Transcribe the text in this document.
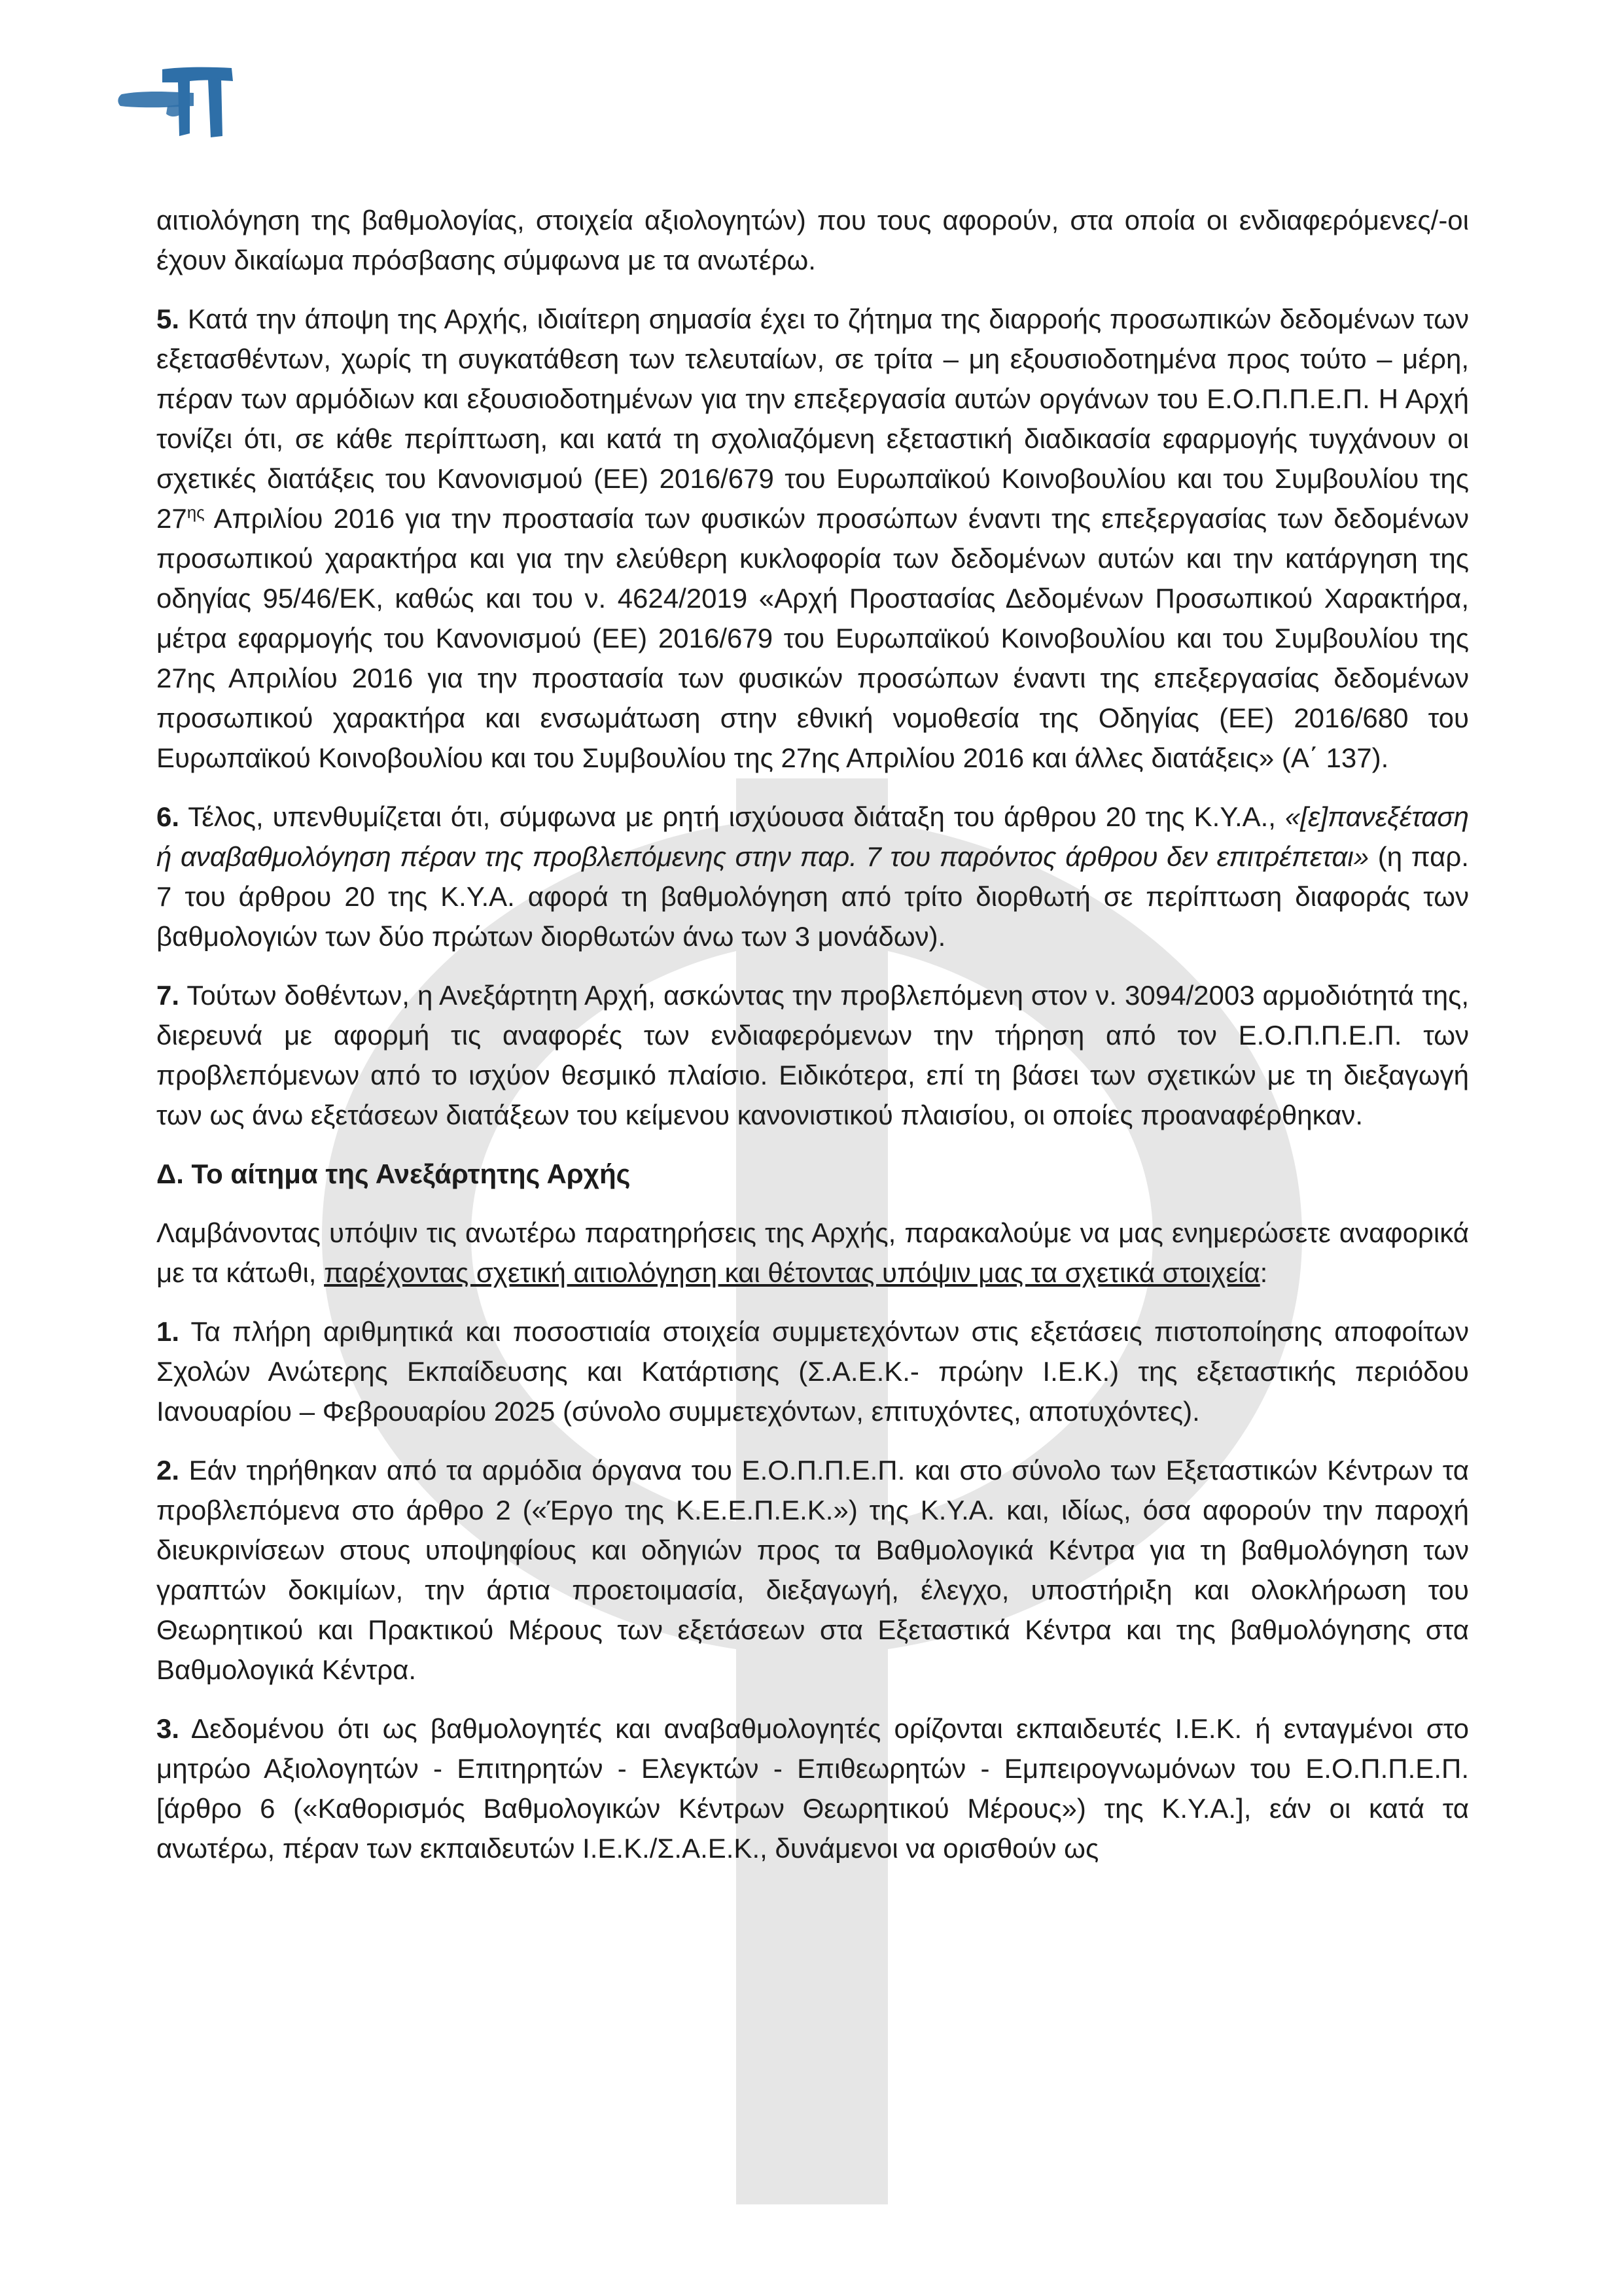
αιτιολόγηση της βαθμολογίας, στοιχεία αξιολογητών) που τους αφορούν, στα οποία οι ενδιαφερόμενες/-οι έχουν δικαίωμα πρόσβασης σύμφωνα με τα ανωτέρω.

5. Κατά την άποψη της Αρχής, ιδιαίτερη σημασία έχει το ζήτημα της διαρροής προσωπικών δεδομένων των εξετασθέντων, χωρίς τη συγκατάθεση των τελευταίων, σε τρίτα – μη εξουσιοδοτημένα προς τούτο – μέρη, πέραν των αρμόδιων και εξουσιοδοτημένων για την επεξεργασία αυτών οργάνων του Ε.Ο.Π.Π.Ε.Π. Η Αρχή τονίζει ότι, σε κάθε περίπτωση, και κατά τη σχολιαζόμενη εξεταστική διαδικασία εφαρμογής τυγχάνουν οι σχετικές διατάξεις του Κανονισμού (ΕΕ) 2016/679 του Ευρωπαϊκού Κοινοβουλίου και του Συμβουλίου της $27^{\eta\varsigma}$ Απριλίου 2016 για την προστασία των φυσικών προσώπων έναντι της επεξεργασίας των δεδομένων προσωπικού χαρακτήρα και για την ελεύθερη κυκλοφορία των δεδομένων αυτών και την κατάργηση της οδηγίας 95/46/ΕΚ, καθώς και του ν. 4624/2019 «Αρχή Προστασίας Δεδομένων Προσωπικού Χαρακτήρα, μέτρα εφαρμογής του Κανονισμού (ΕΕ) 2016/679 του Ευρωπαϊκού Κοινοβουλίου και του Συμβουλίου της 27ης Απριλίου 2016 για την προστασία των φυσικών προσώπων έναντι της επεξεργασίας δεδομένων προσωπικού χαρακτήρα και ενσωμάτωση στην εθνική νομοθεσία της Οδηγίας (ΕΕ) 2016/680 του Ευρωπαϊκού Κοινοβουλίου και του Συμβουλίου της 27ης Απριλίου 2016 και άλλες διατάξεις» (Α΄ 137).

6. Τέλος, υπενθυμίζεται ότι, σύμφωνα με ρητή ισχύουσα διάταξη του άρθρου 20 της Κ.Υ.Α., «[ε]πανεξέταση ή αναβαθμολόγηση πέραν της προβλεπόμενης στην παρ. 7 του παρόντος άρθρου δεν επιτρέπεται» (η παρ. 7 του άρθρου 20 της Κ.Υ.Α. αφορά τη βαθμολόγηση από τρίτο διορθωτή σε περίπτωση διαφοράς των βαθμολογιών των δύο πρώτων διορθωτών άνω των 3 μονάδων).

7. Τούτων δοθέντων, η Ανεξάρτητη Αρχή, ασκώντας την προβλεπόμενη στον ν. 3094/2003 αρμοδιότητά της, διερευνά με αφορμή τις αναφορές των ενδιαφερόμενων την τήρηση από τον Ε.Ο.Π.Π.Ε.Π. των προβλεπόμενων από το ισχύον θεσμικό πλαίσιο. Ειδικότερα, επί τη βάσει των σχετικών με τη διεξαγωγή των ως άνω εξετάσεων διατάξεων του κείμενου κανονιστικού πλαισίου, οι οποίες προαναφέρθηκαν.

Δ. Το αίτημα της Ανεξάρτητης Αρχής

Λαμβάνοντας υπόψιν τις ανωτέρω παρατηρήσεις της Αρχής, παρακαλούμε να μας ενημερώσετε αναφορικά με τα κάτωθι, παρέχοντας σχετική αιτιολόγηση και θέτοντας υπόψιν μας τα σχετικά στοιχεία:

1. Τα πλήρη αριθμητικά και ποσοστιαία στοιχεία συμμετεχόντων στις εξετάσεις πιστοποίησης αποφοίτων Σχολών Ανώτερης Εκπαίδευσης και Κατάρτισης (Σ.Α.Ε.Κ.- πρώην Ι.Ε.Κ.) της εξεταστικής περιόδου Ιανουαρίου – Φεβρουαρίου 2025 (σύνολο συμμετεχόντων, επιτυχόντες, αποτυχόντες).

2. Εάν τηρήθηκαν από τα αρμόδια όργανα του Ε.Ο.Π.Π.Ε.Π. και στο σύνολο των Εξεταστικών Κέντρων τα προβλεπόμενα στο άρθρο 2 («Έργο της Κ.Ε.Ε.Π.Ε.Κ.») της Κ.Υ.Α. και, ιδίως, όσα αφορούν την παροχή διευκρινίσεων στους υποψηφίους και οδηγιών προς τα Βαθμολογικά Κέντρα για τη βαθμολόγηση των γραπτών δοκιμίων, την άρτια προετοιμασία, διεξαγωγή, έλεγχο, υποστήριξη και ολοκλήρωση του Θεωρητικού και Πρακτικού Μέρους των εξετάσεων στα Εξεταστικά Κέντρα και της βαθμολόγησης στα Βαθμολογικά Κέντρα.

3. Δεδομένου ότι ως βαθμολογητές και αναβαθμολογητές ορίζονται εκπαιδευτές Ι.Ε.Κ. ή ενταγμένοι στο μητρώο Αξιολογητών - Επιτηρητών - Ελεγκτών - Επιθεωρητών - Εμπειρογνωμόνων του Ε.Ο.Π.Π.Ε.Π. [άρθρο 6 («Καθορισμός Βαθμολογικών Κέντρων Θεωρητικού Μέρους») της Κ.Υ.Α.], εάν οι κατά τα ανωτέρω, πέραν των εκπαιδευτών Ι.Ε.Κ./Σ.Α.Ε.Κ., δυνάμενοι να ορισθούν ως
